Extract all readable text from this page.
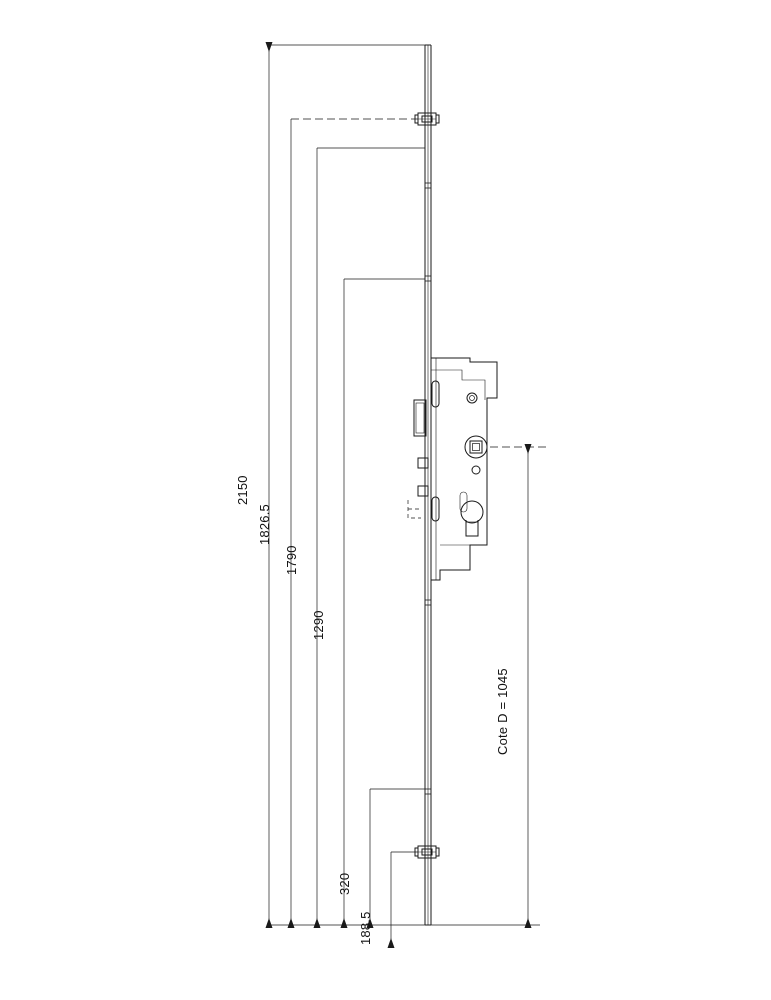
2150
1826.5
1790
1290
Cote D = 1045
320
188.5
